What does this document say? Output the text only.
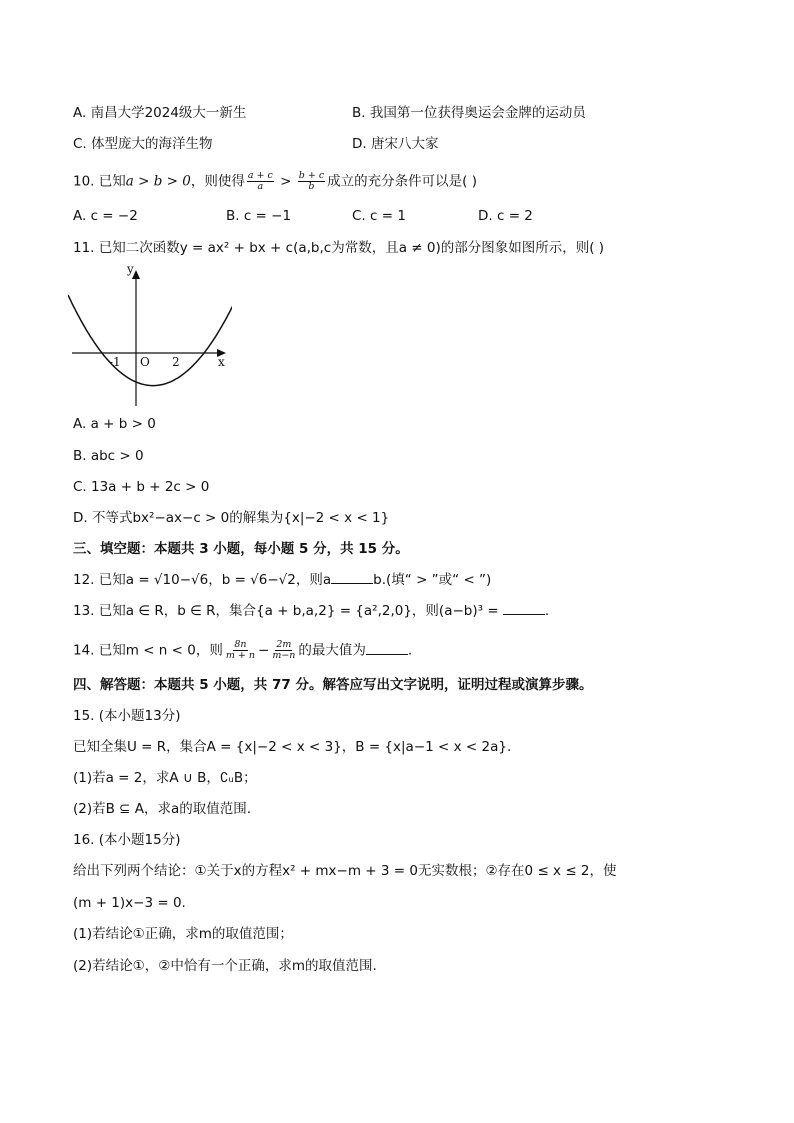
A. 南昌大学2024级大一新生	B. 我国第一位获得奥运会金牌的运动员
C. 体型庞大的海洋生物	D. 唐宋八大家
10. 已知a > b > 0，则使得 $\frac{a + c}{a} > \frac{b + c}{b}$ 成立的充分条件可以是( )
A. c = −2	B. c = −1	C. c = 1	D. c = 2
11. 已知二次函数y = ax² + bx + c(a,b,c为常数，且a ≠ 0)的部分图象如图所示，则( )
y
x
O
-1	2
A. a + b > 0
B. abc > 0
C. 13a + b + 2c > 0
D. 不等式bx²−ax−c > 0的解集为{x|−2 < x < 1}
三、填空题：本题共 3 小题，每小题 5 分，共 15 分。
12. 已知a = √10−√6，b = √6−√2，则a	b.(填“ > ”或“ < ”)
13. 已知a ∈ R，b ∈ R，集合{a + b,a,2} = {a²,2,0}，则(a−b)³ =	.
14. 已知m < n < 0，则 $\frac{8n}{m + n} - \frac{2m}{m-n}$ 的最大值为	.
四、解答题：本题共 5 小题，共 77 分。解答应写出文字说明，证明过程或演算步骤。
15. (本小题13分)
已知全集U = R，集合A = {x|−2 < x < 3}，B = {x|a−1 < x < 2a}.
(1)若a = 2，求A ∪ B，∁ᵤB；
(2)若B ⊆ A，求a的取值范围.
16. (本小题15分)
给出下列两个结论：①关于x的方程x² + mx−m + 3 = 0无实数根；②存在0 ≤ x ≤ 2，使
(m + 1)x−3 = 0.
(1)若结论①正确，求m的取值范围；
(2)若结论①，②中恰有一个正确，求m的取值范围.
